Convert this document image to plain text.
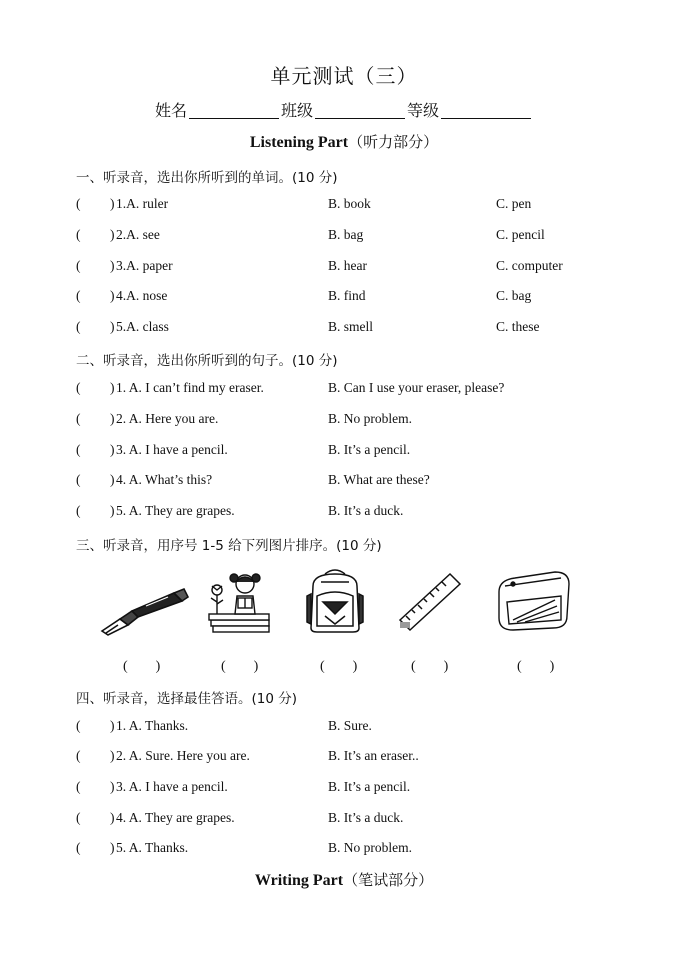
单元测试（三）
姓名	班级	等级
Listening Part（听力部分）
一、听录音，选出你所听到的单词。(10 分)
( ) 1.A. ruler	B. book	C. pen
( ) 2.A. see	B. bag	C. pencil
( ) 3.A. paper	B. hear	C. computer
( ) 4.A. nose	B. find	C. bag
( ) 5.A. class	B. smell	C. these
二、听录音，选出你所听到的句子。(10 分)
( ) 1. A. I can’t find my eraser.	B. Can I use your eraser, please?
( ) 2. A. Here you are.	B. No problem.
( ) 3. A. I have a pencil.	B. It’s a pencil.
( ) 4. A. What’s this?	B. What are these?
( ) 5. A. They are grapes.	B. It’s a duck.
三、听录音，用序号 1-5 给下列图片排序。(10 分)
(　　)	(　　)	(　　)	(　　)	(　　)
四、听录音，选择最佳答语。(10 分)
( ) 1. A. Thanks.	B. Sure.
( ) 2. A. Sure. Here you are.	B. It’s an eraser..
( ) 3. A. I have a pencil.	B. It’s a pencil.
( ) 4. A. They are grapes.	B. It’s a duck.
( ) 5. A. Thanks.	B. No problem.
Writing Part（笔试部分）
